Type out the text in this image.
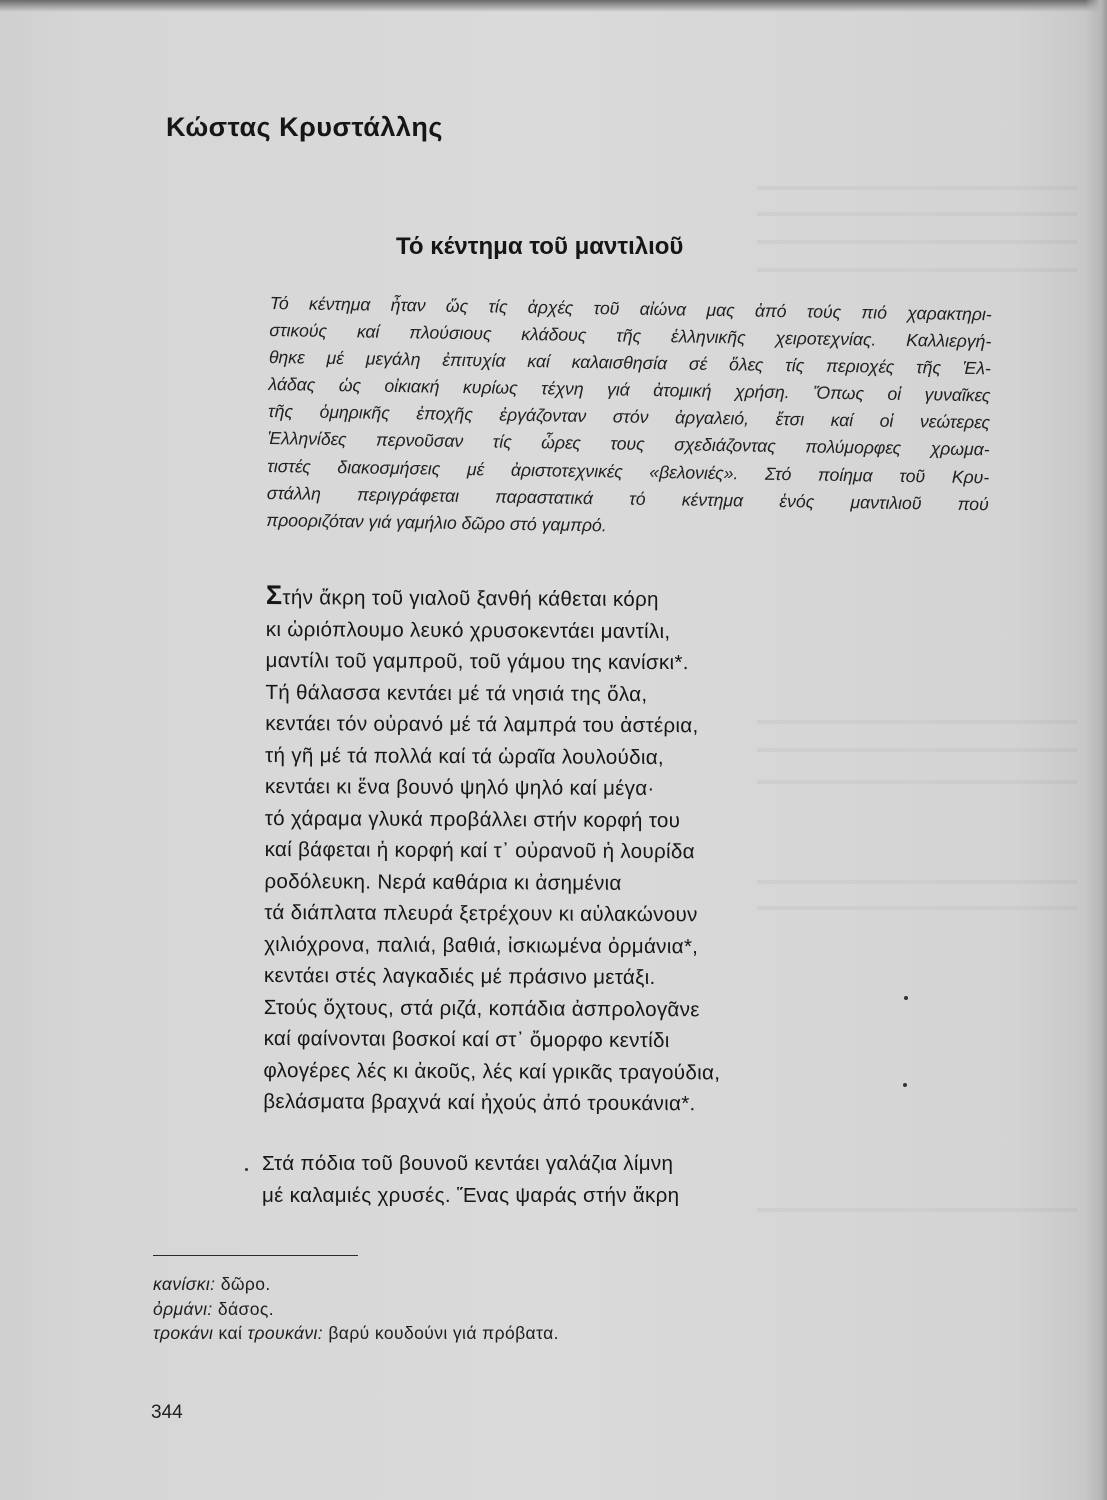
Κώστας Κρυστάλλης
Τό κέντημα τοῦ μαντιλιοῦ
Τό κέντημα ἦταν ὥς τίς ἀρχές τοῦ αἰώνα μας ἀπό τούς πιό χαρακτηρι-
στικούς καί πλούσιους κλάδους τῆς ἑλληνικῆς χειροτεχνίας. Καλλιεργή-
θηκε μέ μεγάλη ἐπιτυχία καί καλαισθησία σέ ὅλες τίς περιοχές τῆς Ἑλ-
λάδας ὡς οἰκιακή κυρίως τέχνη γιά ἀτομική χρήση. Ὅπως οἱ γυναῖκες
τῆς ὁμηρικῆς ἐποχῆς ἐργάζονταν στόν ἀργαλειό, ἔτσι καί οἱ νεώτερες
Ἑλληνίδες περνοῦσαν τίς ὧρες τους σχεδιάζοντας πολύμορφες χρωμα-
τιστές διακοσμήσεις μέ ἀριστοτεχνικές «βελονιές». Στό ποίημα τοῦ Κρυ-
στάλλη περιγράφεται παραστατικά τό κέντημα ἑνός μαντιλιοῦ πού
προοριζόταν γιά γαμήλιο δῶρο στό γαμπρό.
Στήν ἄκρη τοῦ γιαλοῦ ξανθή κάθεται κόρη
κι ὡριόπλουμο λευκό χρυσοκεντάει μαντίλι,
μαντίλι τοῦ γαμπροῦ, τοῦ γάμου της κανίσκι*.
Τή θάλασσα κεντάει μέ τά νησιά της ὅλα,
κεντάει τόν οὐρανό μέ τά λαμπρά του ἀστέρια,
τή γῆ μέ τά πολλά καί τά ὡραῖα λουλούδια,
κεντάει κι ἕνα βουνό ψηλό ψηλό καί μέγα·
τό χάραμα γλυκά προβάλλει στήν κορφή του
καί βάφεται ἡ κορφή καί τ᾽ οὐρανοῦ ἡ λουρίδα
ροδόλευκη. Νερά καθάρια κι ἀσημένια
τά διάπλατα πλευρά ξετρέχουν κι αὐλακώνουν
χιλιόχρονα, παλιά, βαθιά, ἰσκιωμένα ὀρμάνια*,
κεντάει στές λαγκαδιές μέ πράσινο μετάξι.
Στούς ὄχτους, στά ριζά, κοπάδια ἀσπρολογᾶνε
καί φαίνονται βοσκοί καί στ᾽ ὄμορφο κεντίδι
φλογέρες λές κι ἀκοῦς, λές καί γρικᾶς τραγούδια,
βελάσματα βραχνά καί ἠχούς ἀπό τρουκάνια*.
Στά πόδια τοῦ βουνοῦ κεντάει γαλάζια λίμνη
μέ καλαμιές χρυσές. Ἕνας ψαράς στήν ἄκρη
κανίσκι: δῶρο.
ὀρμάνι: δάσος.
τροκάνι καί τρουκάνι: βαρύ κουδούνι γιά πρόβατα.
344
